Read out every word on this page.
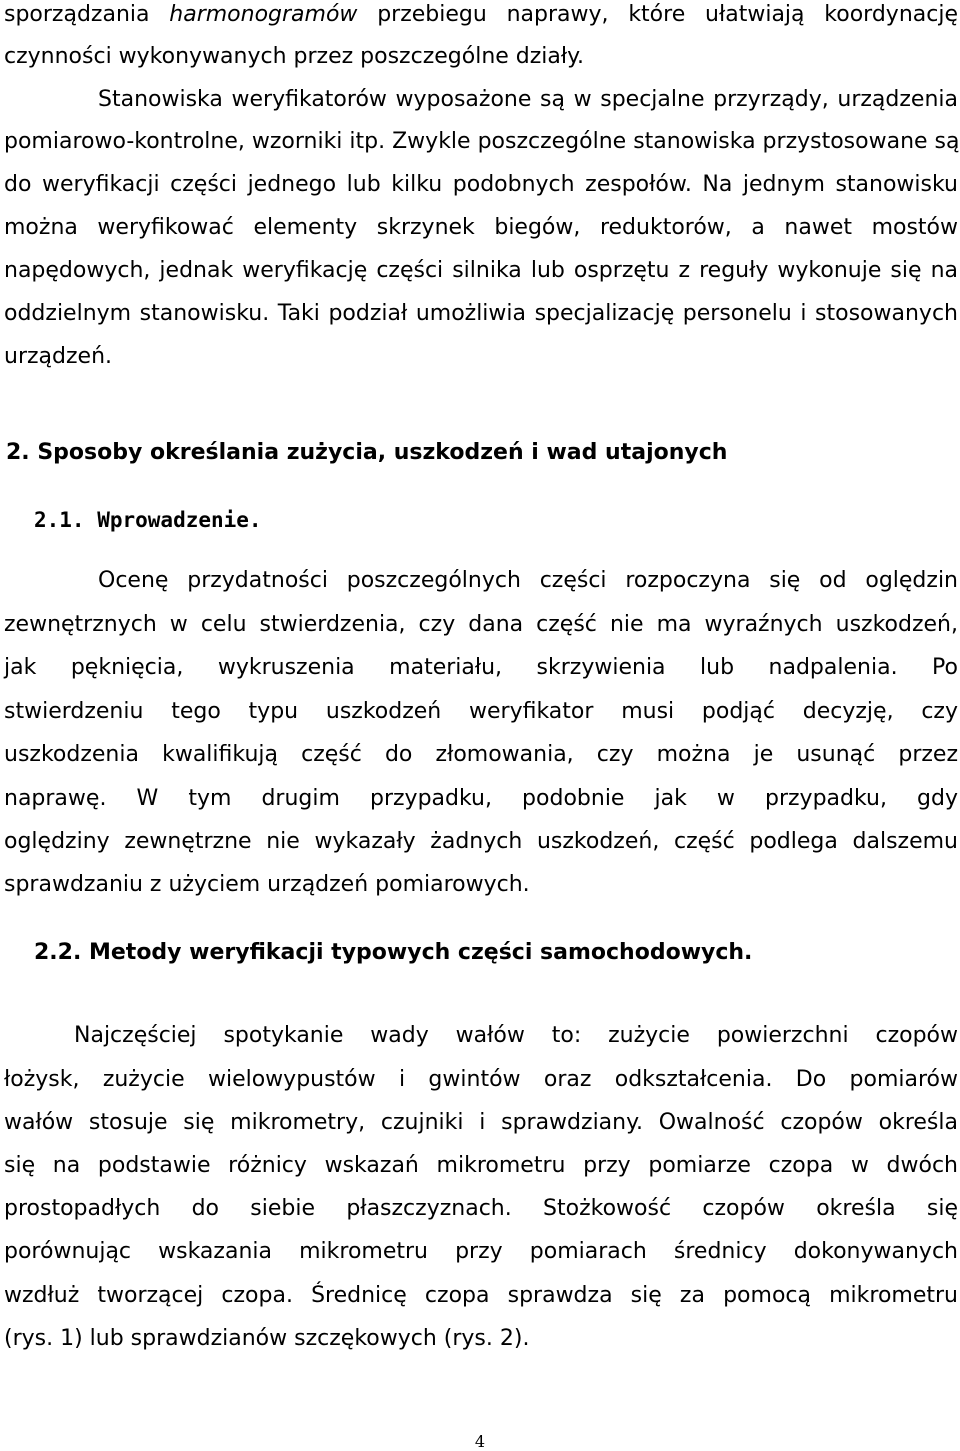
sporządzania harmonogramów przebiegu naprawy, które ułatwiają koordynację

czynności wykonywanych przez poszczególne działy.

Stanowiska weryfikatorów wyposażone są w specjalne przyrządy, urządzenia

pomiarowo-kontrolne, wzorniki itp. Zwykle poszczególne stanowiska przystosowane są

do weryfikacji części jednego lub kilku podobnych zespołów. Na jednym stanowisku

można weryfikować elementy skrzynek biegów, reduktorów, a nawet mostów

napędowych, jednak weryfikację części silnika lub osprzętu z reguły wykonuje się na

oddzielnym stanowisku. Taki podział umożliwia specjalizację personelu i stosowanych

urządzeń.

2. Sposoby określania zużycia, uszkodzeń i wad utajonych
2.1. Wprowadzenie.

Ocenę przydatności poszczególnych części rozpoczyna się od oględzin

zewnętrznych w celu stwierdzenia, czy dana część nie ma wyraźnych uszkodzeń,

jak pęknięcia, wykruszenia materiału, skrzywienia lub nadpalenia. Po

stwierdzeniu tego typu uszkodzeń weryfikator musi podjąć decyzję, czy

uszkodzenia kwalifikują część do złomowania, czy można je usunąć przez

naprawę. W tym drugim przypadku, podobnie jak w przypadku, gdy

oględziny zewnętrzne nie wykazały żadnych uszkodzeń, część podlega dalszemu

sprawdzaniu z użyciem urządzeń pomiarowych.

2.2. Metody weryfikacji typowych części samochodowych.

Najczęściej spotykanie wady wałów to: zużycie powierzchni czopów

łożysk, zużycie wielowypustów i gwintów oraz odkształcenia. Do pomiarów

wałów stosuje się mikrometry, czujniki i sprawdziany. Owalność czopów określa

się na podstawie różnicy wskazań mikrometru przy pomiarze czopa w dwóch

prostopadłych do siebie płaszczyznach. Stożkowość czopów określa się

porównując wskazania mikrometru przy pomiarach średnicy dokonywanych

wzdłuż tworzącej czopa. Średnicę czopa sprawdza się za pomocą mikrometru

(rys. 1) lub sprawdzianów szczękowych (rys. 2).

4
